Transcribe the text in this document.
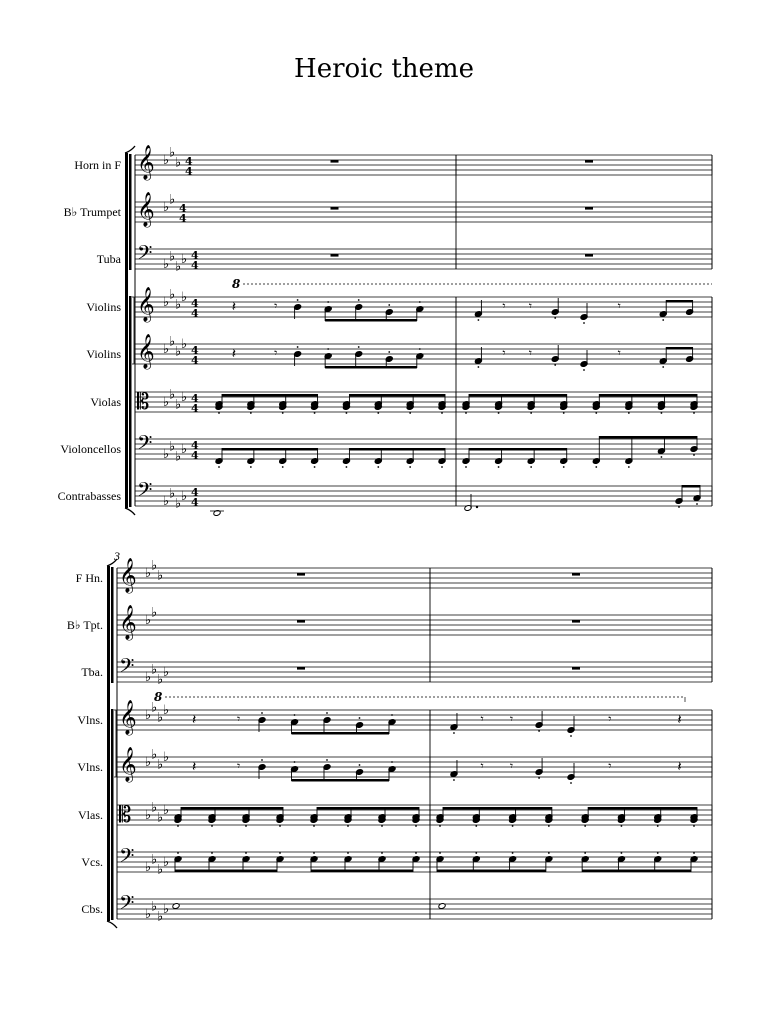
Heroic theme
8
Horn in F 𝄞 ♭ ♭
♭ 4
4
B♭ Trumpet 𝄞 ♭ ♭
4
4
Tuba 𝄢 ♭ ♭
♭ ♭ 4
4
Violins 𝄞 ♭ ♭
♭ ♭ 4
4 𝄽	𝄾	𝄾 𝄾	𝄾
Violins 𝄞 ♭ ♭
♭ ♭ 4
4 𝄽	𝄾	𝄾 𝄾	𝄾
Violas 𝄡 ♭ ♭
♭ ♭ 4
4
Violoncellos 𝄢 ♭ ♭
♭ ♭ 4
4
Contrabasses 𝄢 ♭ ♭
♭ ♭ 4
4
3
8
F Hn. 𝄞 ♭ ♭
♭
B♭ Tpt. 𝄞 ♭ ♭
Tba. 𝄢 ♭ ♭
♭ ♭
Vlns. 𝄞 ♭ ♭
♭ ♭
𝄽	𝄾	𝄾 𝄾	𝄾	𝄽
Vlns. 𝄞 ♭ ♭
♭ ♭
𝄽	𝄾	𝄾 𝄾	𝄾	𝄽
Vlas. 𝄡 ♭ ♭
♭ ♭
Vcs. 𝄢 ♭ ♭
♭ ♭
Cbs. 𝄢 ♭ ♭
♭ ♭
